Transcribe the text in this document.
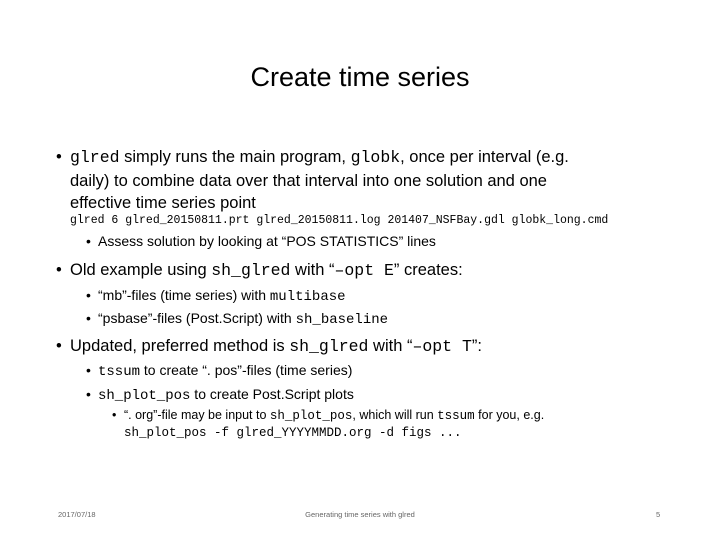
Create time series
• glred simply runs the main program, globk, once per interval (e.g.
daily) to combine data over that interval into one solution and one
effective time series point
glred 6 glred_20150811.prt glred_20150811.log 201407_NSFBay.gdl globk_long.cmd
• Assess solution by looking at “POS STATISTICS” lines
• Old example using sh_glred with “–opt E” creates:
• “mb”-files (time series) with multibase
• “psbase”-files (Post.Script) with sh_baseline
• Updated, preferred method is sh_glred with “–opt T”:
• tssum to create “. pos”-files (time series)
• sh_plot_pos to create Post.Script plots
• “. org”-file may be input to sh_plot_pos, which will run tssum for you, e.g.
sh_plot_pos -f glred_YYYYMMDD.org -d figs ...
2017/07/18	Generating time series with glred	5
